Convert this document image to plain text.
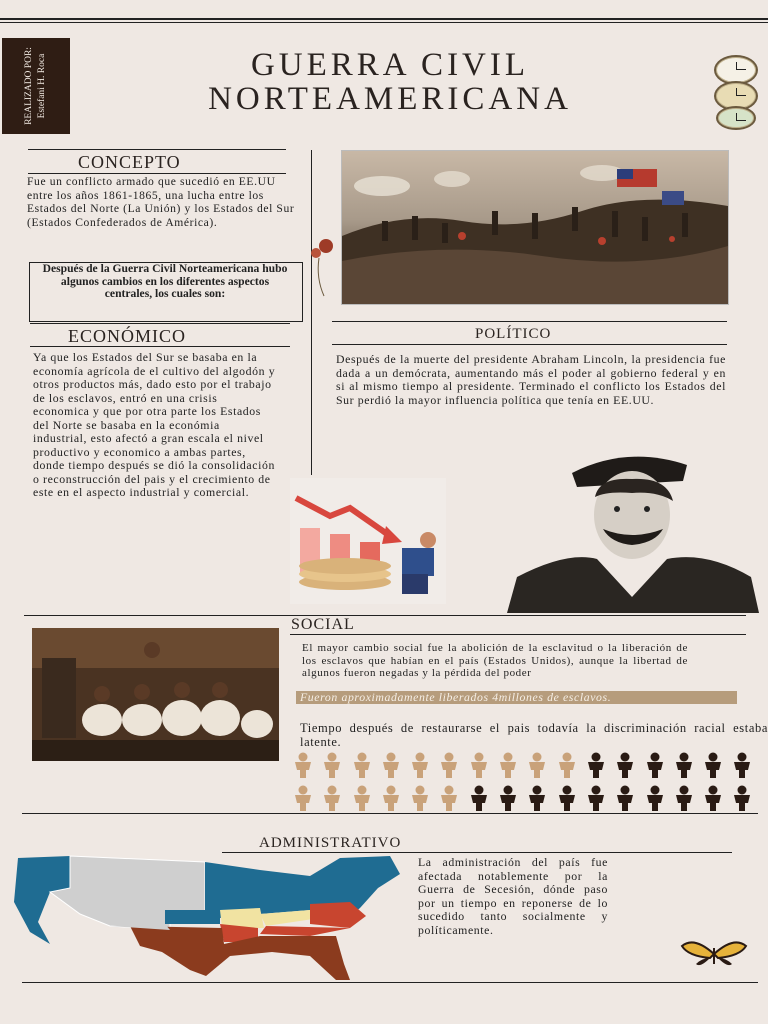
REALIZADO POR: Estefani H. Roca	GUERRA CIVIL
NORTEAMERICANA
CONCEPTO
Fue un conflicto armado que sucedió en EE.UU entre los años 1861-1865, una lucha entre los Estados del Norte (La Unión) y los Estados del Sur (Estados Confederados de América).
Después de la Guerra Civil Norteamericana hubo algunos cambios en los diferentes aspectos centrales, los cuales son:
ECONÓMICO
Ya que los Estados del Sur se basaba en la economía agrícola de el cultivo del algodón y otros productos más, dado esto por el trabajo de los esclavos, entró en una crisis economica y que por otra parte los Estados del Norte se basaba en la económia industrial, esto afectó a gran escala el nivel productivo y economico a ambas partes, donde tiempo después se dió la consolidación o reconstrucción del pais y el crecimiento de este en el aspecto industrial y comercial.
POLÍTICO
Después de la muerte del presidente Abraham Lincoln, la presidencia fue dada a un demócrata, aumentando más el poder al gobierno federal y en si al mismo tiempo al presidente. Terminado el conflicto los Estados del Sur perdió la mayor influencia política que tenía en EE.UU.
SOCIAL
El mayor cambio social fue la abolición de la esclavitud o la liberación de los esclavos que habían en el país (Estados Unidos), aunque la libertad de algunos fueron negadas y la pérdida del poder
Fueron aproximadamente liberados 4millones de esclavos.
Tiempo después de restaurarse el pais todavía la discriminación racial estaba latente.
ADMINISTRATIVO
La administración del país fue afectada notablemente por la Guerra de Secesión, dónde paso por un tiempo en reponerse de lo sucedido tanto socialmente y políticamente.
